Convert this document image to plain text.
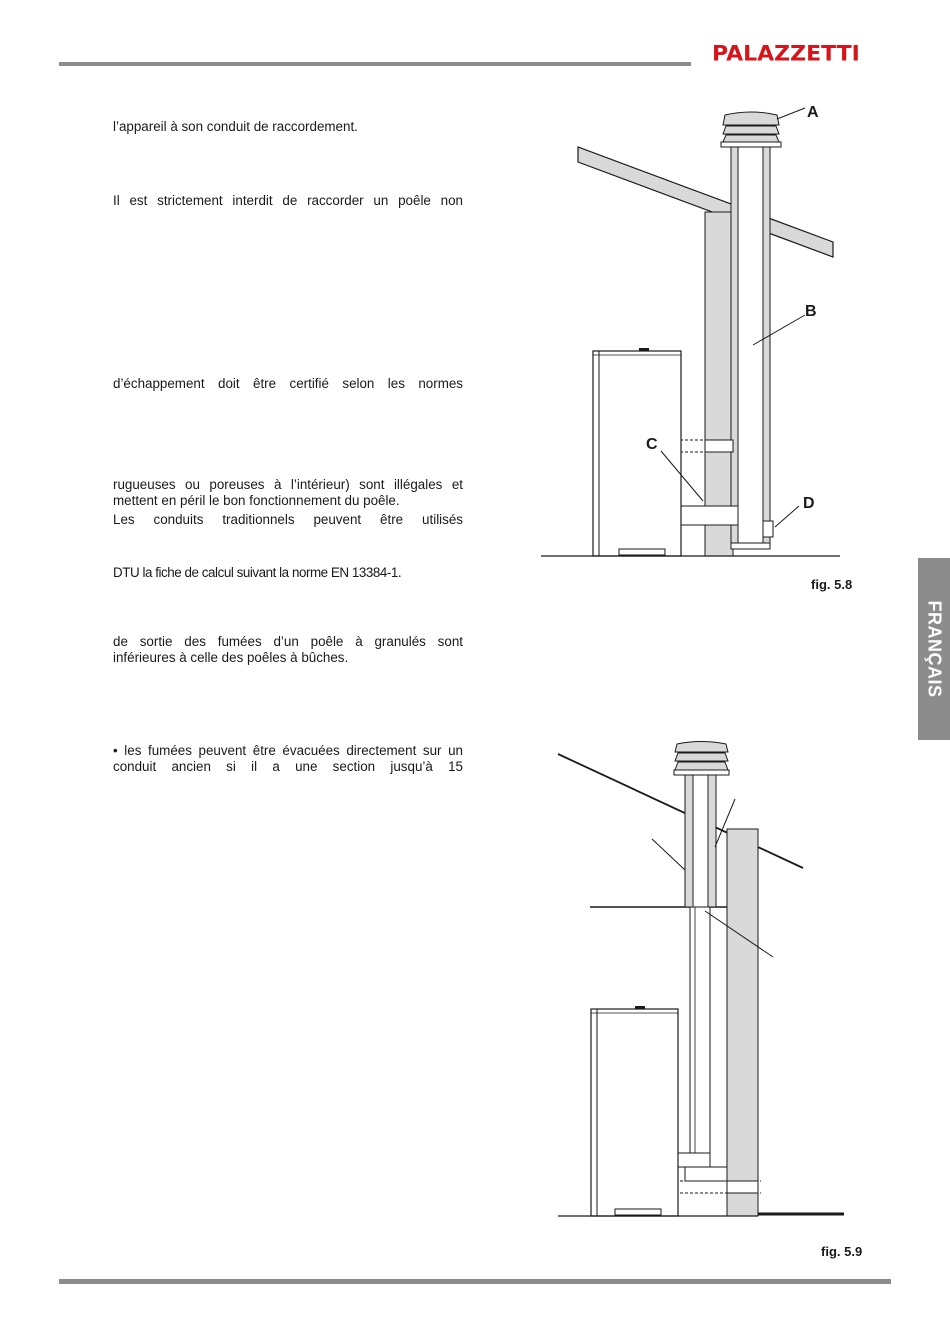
PALAZZETTI

l’appareil à son conduit de raccordement.

Il est strictement interdit de raccorder un poêle non

d’échappement doit être certifié selon les normes

rugueuses ou poreuses à l’intérieur) sont illégales et mettent en péril le bon fonctionnement du poêle.

Les conduits traditionnels peuvent être utilisés

DTU la fiche de calcul suivant la norme EN 13384-1.

de sortie des fumées d’un poêle à granulés sont inférieures à celle des poêles à bûches.

• les fumées peuvent être évacuées directement sur un conduit ancien si il a une section jusqu’à 15

A
B
C
D
fig. 5.8
fig. 5.9
FRANÇAIS
